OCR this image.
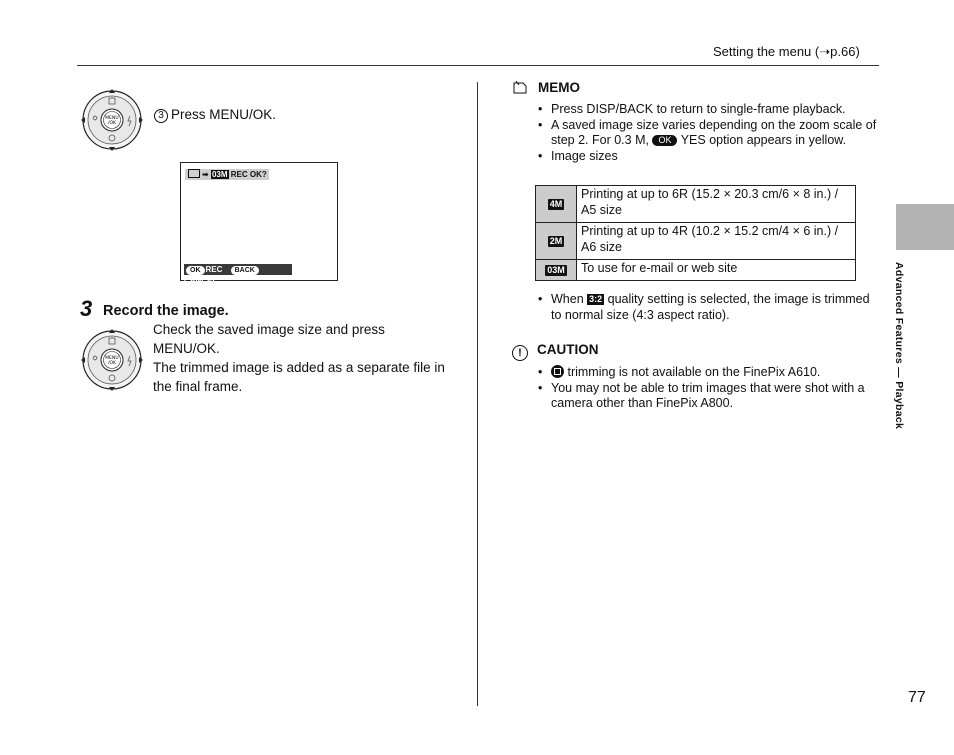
Setting the menu (➝p.66)
MENU
/OK
3 Press MENU/OK.
➡ 03M REC OK?
OK REC BACKCANCEL
3 Record the image.
MENU
/OK

Check the saved image size and press MENU/OK.

The trimmed image is added as a separate file in the final frame.

MEMO
• Press DISP/BACK to return to single-frame playback.
• A saved image size varies depending on the zoom scale of step 2. For 0.3 M, OK YES option appears in yellow.
• Image sizes
4M	Printing at up to 6R (15.2 × 20.3 cm/6 × 8 in.) / A5 size
2M	Printing at up to 4R (10.2 × 15.2 cm/4 × 6 in.) / A6 size
03M	To use for e-mail or web site
• When 3:2 quality setting is selected, the image is trimmed to normal size (4:3 aspect ratio).
! CAUTION
• trimming is not available on the FinePix A610.
• You may not be able to trim images that were shot with a camera other than FinePix A800.	Advanced Features — Playback
77
